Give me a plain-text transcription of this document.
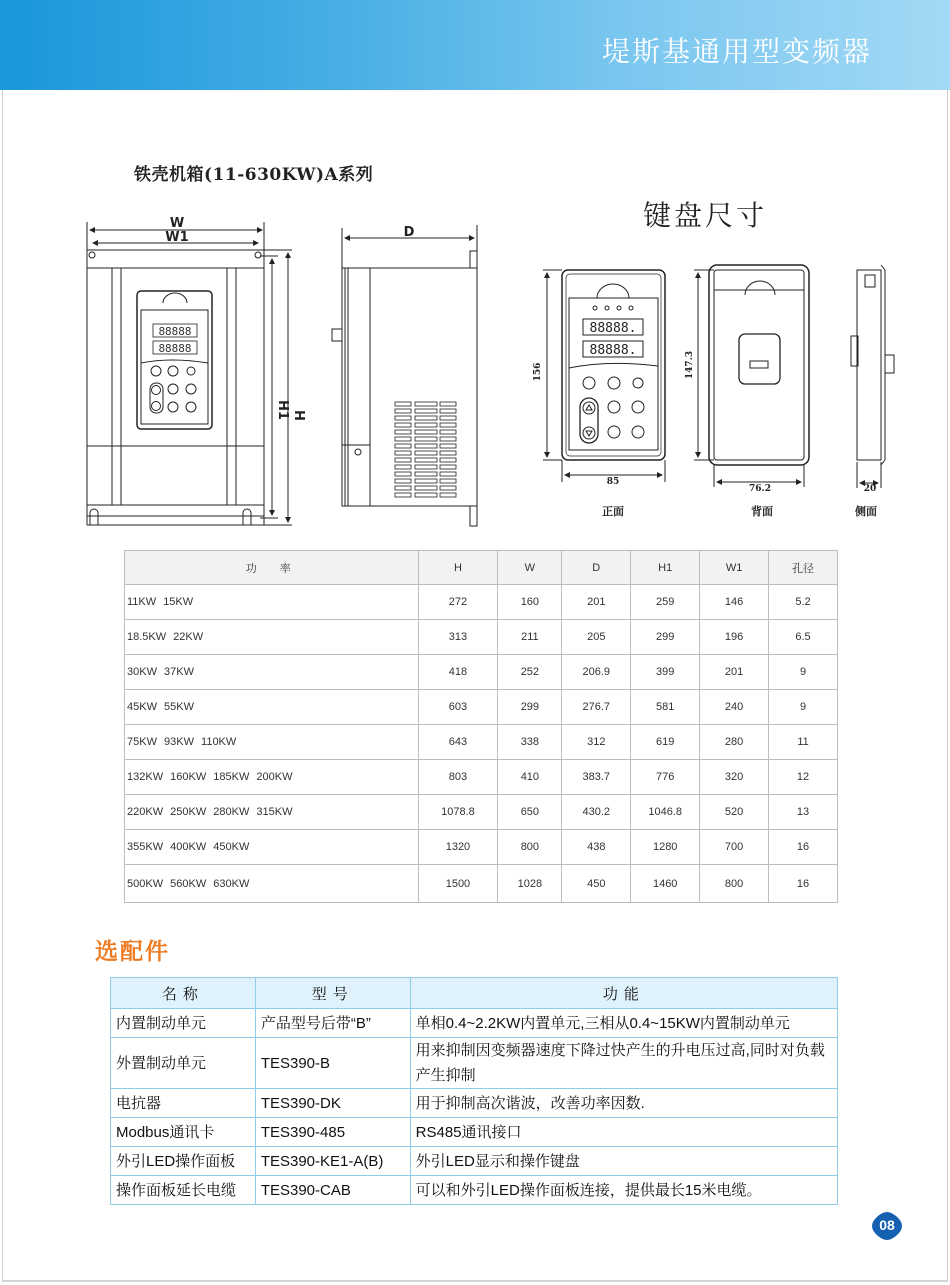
堤斯基通用型变频器
铁壳机箱(11-630KW)A系列
键盘尺寸
88888
88888
88888.
88888.
W
W1	D
H
H1
156
85
147.3
76.2	20
正面	背面	侧面
功　率	H	W	D	H1	W1	孔径
11KW 15KW	272	160	201	259	146	5.2
18.5KW 22KW	313	211	205	299	196	6.5
30KW 37KW	418	252	206.9	399	201	9
45KW 55KW	603	299	276.7	581	240	9
75KW 93KW 110KW	643	338	312	619	280	11
132KW 160KW 185KW 200KW	803	410	383.7	776	320	12
220KW 250KW 280KW 315KW	1078.8	650	430.2	1046.8	520	13
355KW 400KW 450KW	1320	800	438	1280	700	16
500KW 560KW 630KW	1500	1028	450	1460	800	16
选配件
名称	型号	功能
内置制动单元	产品型号后带“B”	单相0.4~2.2KW内置单元,三相从0.4~15KW内置制动单元
外置制动单元	TES390-B	用来抑制因变频器速度下降过快产生的升电压过高,同时对负载产生抑制
电抗器	TES390-DK	用于抑制高次谐波，改善功率因数.
Modbus通讯卡	TES390-485	RS485通讯接口
外引LED操作面板	TES390-KE1-A(B)	外引LED显示和操作键盘
操作面板延长电缆	TES390-CAB	可以和外引LED操作面板连接，提供最长15米电缆。
08
